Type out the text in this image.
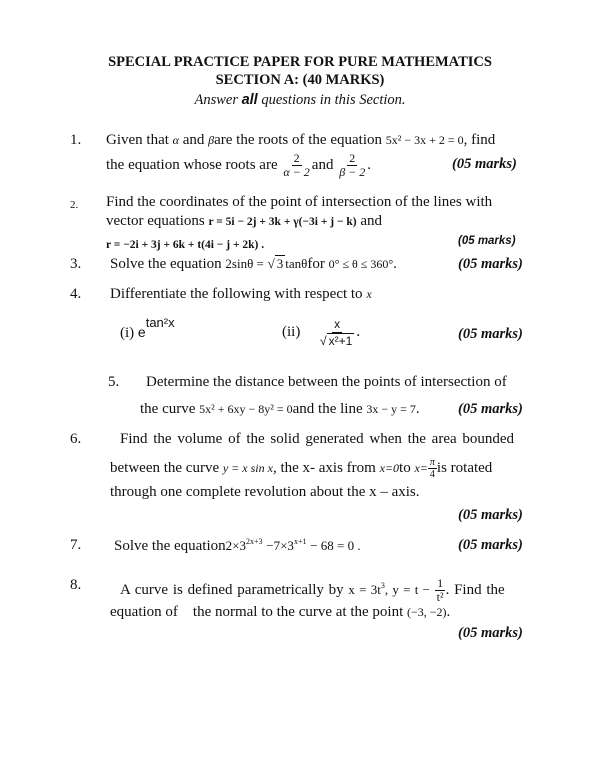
SPECIAL PRACTICE PAPER FOR PURE MATHEMATICS
SECTION A: (40 MARKS)
Answer all questions in this Section.
1. Given that α and βare the roots of the equation 5x² − 3x + 2 = 0, find
the equation whose roots are $\frac{2}{\alpha - 2}$ and $\frac{2}{\beta - 2}$ .	(05 marks)
2. Find the coordinates of the point of intersection of the lines with
vector equations r = 5i − 2j + 3k + γ(−3i + j − k) and
r = −2i + 3j + 6k + t(4i − j + 2k) .	(05 marks)
3. Solve the equation 2sinθ = √ 3 tanθfor 0° ≤ θ ≤ 360°.	(05 marks)
4. Differentiate the following with respect to x
(i) etan²x
$(ii) \frac{x}{\text{√ x²+1}}$ .	(05 marks)
5. Determine the distance between the points of intersection of
the curve 5x² + 6xy − 8y² = 0and the line 3x − y = 7.	(05 marks)
6.	Find the volume of the solid generated when the area bounded
between the curve y = x sin x, the x- axis from x=0to $x= \frac{\pi}{4}$ is rotated
through one complete revolution about the x – axis.
(05 marks)
7. Solve the $equation2\times 3^{2x+3} -7\times 3^{x+1} - 68 = 0$ .	(05 marks)
8.	A curve is defined parametrically by $x = 3t^3$, $y = t - \frac{1}{\text{t²}}$ . Find the
equation of the normal to the curve at the point (−3, −2).
(05 marks)
